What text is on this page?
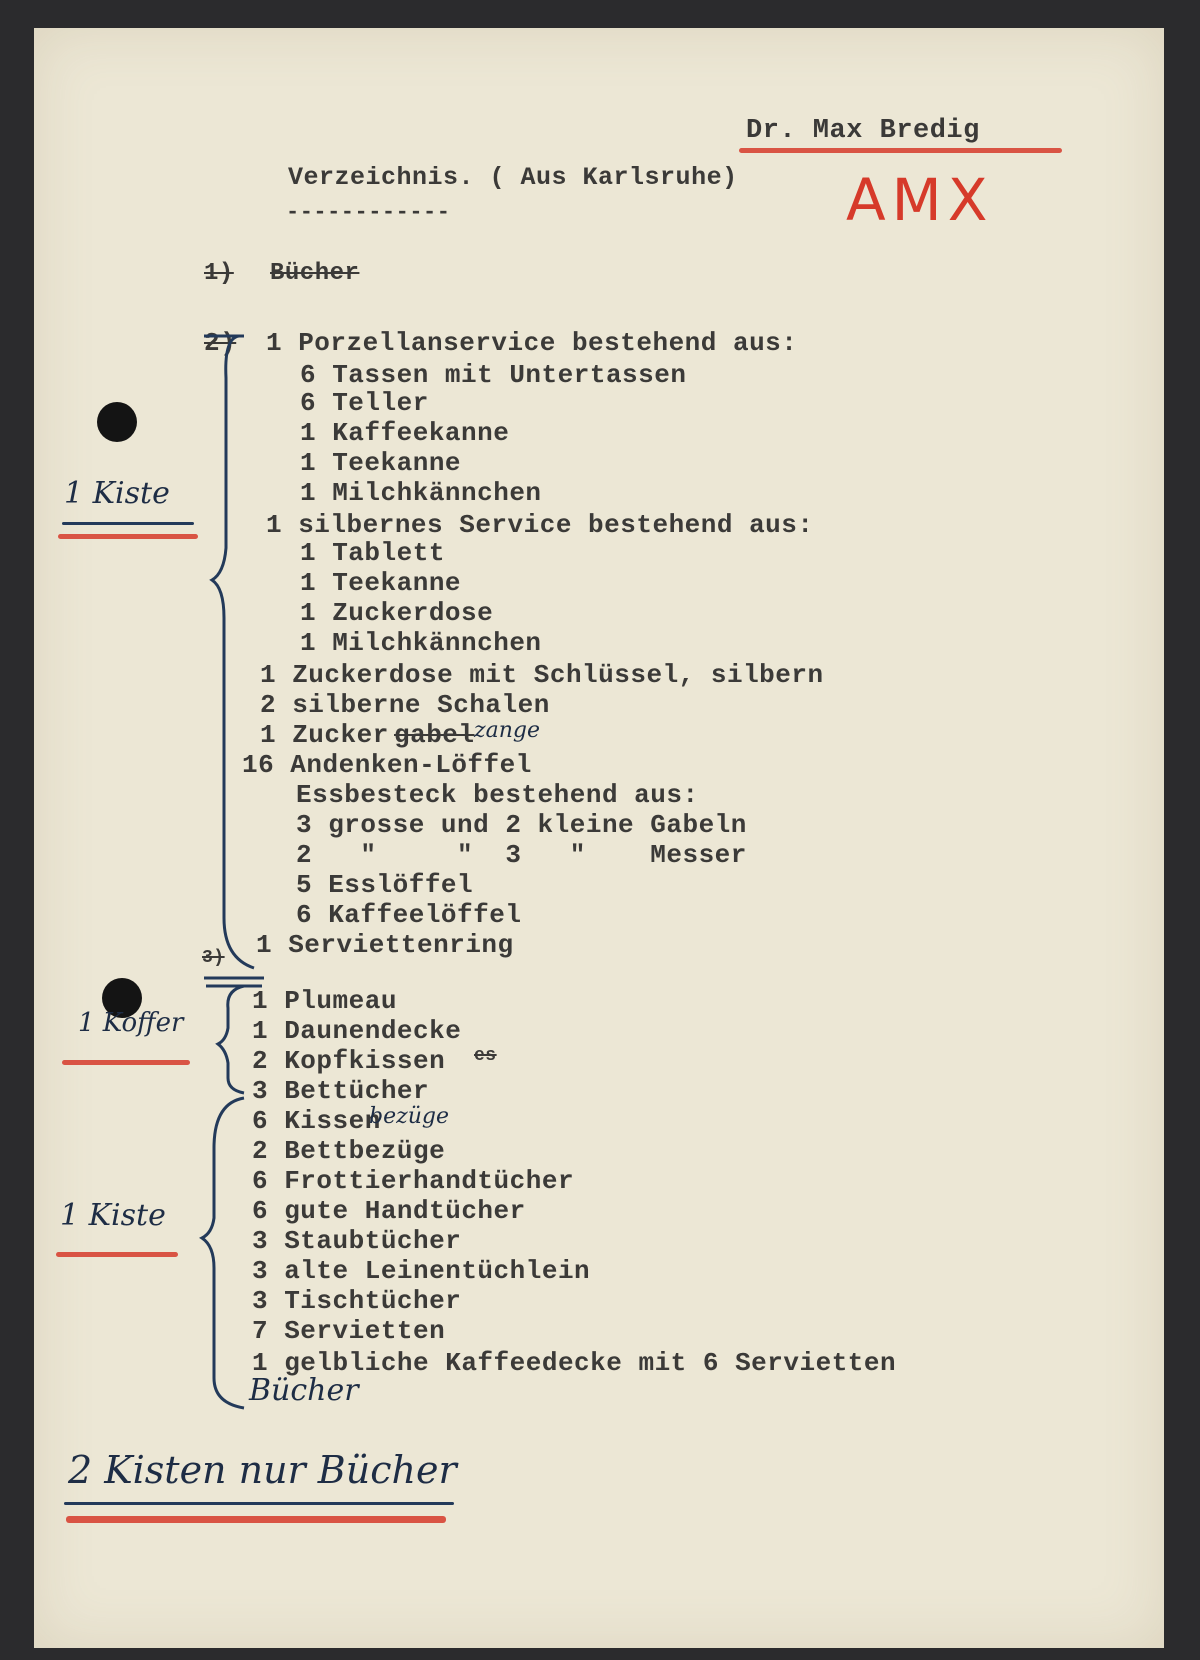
Dr. Max Bredig
Verzeichnis. ( Aus Karlsruhe)
------------	AMX
1) Bücher
2) 1 Porzellanservice bestehend aus:
6 Tassen mit Untertassen
6 Teller
1 Kaffeekanne
1 Teekanne
1 Milchkännchen
1 silbernes Service bestehend aus:
1 Tablett
1 Teekanne
1 Zuckerdose
1 Milchkännchen
1 Zuckerdose mit Schlüssel, silbern
2 silberne Schalen
1 Zucker gabel zange
16 Andenken-Löffel
Essbesteck bestehend aus:
3 grosse und 2 kleine Gabeln
2   "     "  3   "    Messer
5 Esslöffel
6 Kaffeelöffel
1 Serviettenring
3)
1 Plumeau
1 Daunendecke
2 Kopfkissen es
3 Bettücher
6 Kissen
bezüge
2 Bettbezüge
6 Frottierhandtücher
6 gute Handtücher
3 Staubtücher
3 alte Leinentüchlein
3 Tischtücher
7 Servietten
1 gelbliche Kaffeedecke mit 6 Servietten
1 Kiste
1 Koffer
1 Kiste
Bücher
2 Kisten nur Bücher
